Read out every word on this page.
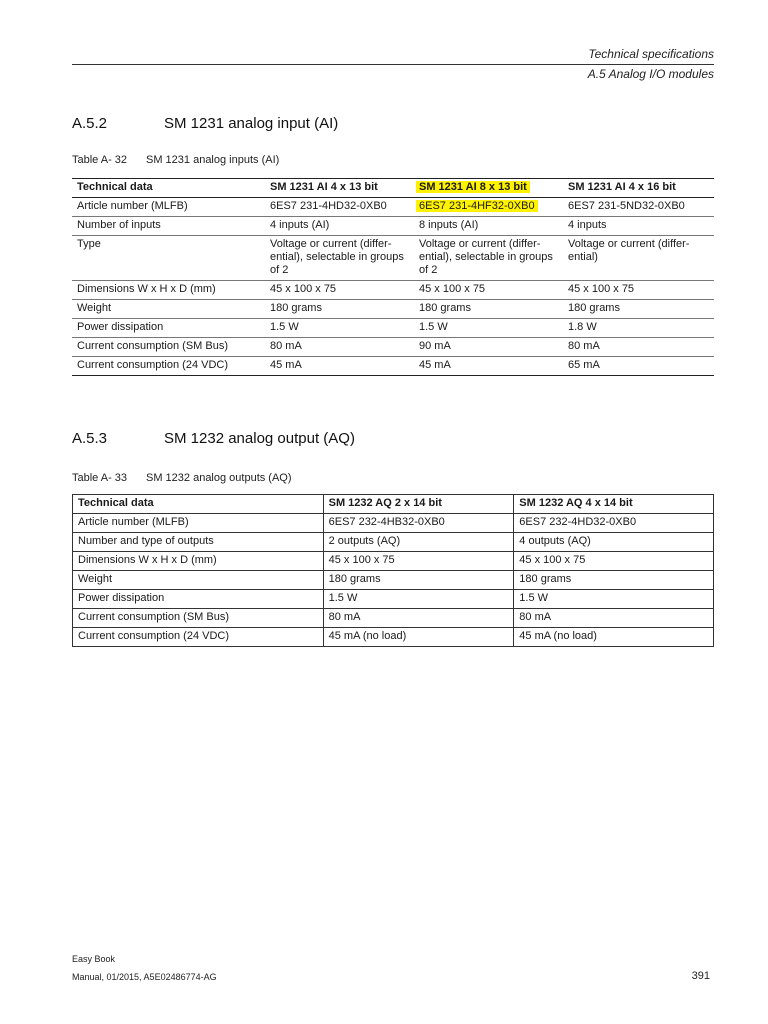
Technical specifications
A.5 Analog I/O modules
A.5.2	SM 1231 analog input (AI)
Table A- 32 SM 1231 analog inputs (AI)
Technical data	SM 1231 AI 4 x 13 bit	SM 1231 AI 8 x 13 bit	SM 1231 AI 4 x 16 bit
Article number (MLFB)	6ES7 231-4HD32-0XB0	6ES7 231-4HF32-0XB0	6ES7 231-5ND32-0XB0
Number of inputs	4 inputs (AI)	8 inputs (AI)	4 inputs
Type	Voltage or current (differ-ential), selectable in groups of 2	Voltage or current (differ-ential), selectable in groups of 2	Voltage or current (differ-ential)
Dimensions W x H x D (mm)	45 x 100 x 75	45 x 100 x 75	45 x 100 x 75
Weight	180 grams	180 grams	180 grams
Power dissipation	1.5 W	1.5 W	1.8 W
Current consumption (SM Bus)	80 mA	90 mA	80 mA
Current consumption (24 VDC)	45 mA	45 mA	65 mA
A.5.3	SM 1232 analog output (AQ)
Table A- 33 SM 1232 analog outputs (AQ)
Technical data	SM 1232 AQ 2 x 14 bit	SM 1232 AQ 4 x 14 bit
Article number (MLFB)	6ES7 232-4HB32-0XB0	6ES7 232-4HD32-0XB0
Number and type of outputs	2 outputs (AQ)	4 outputs (AQ)
Dimensions W x H x D (mm)	45 x 100 x 75	45 x 100 x 75
Weight	180 grams	180 grams
Power dissipation	1.5 W	1.5 W
Current consumption (SM Bus)	80 mA	80 mA
Current consumption (24 VDC)	45 mA (no load)	45 mA (no load)
Easy Book
Manual, 01/2015, A5E02486774-AG	391
